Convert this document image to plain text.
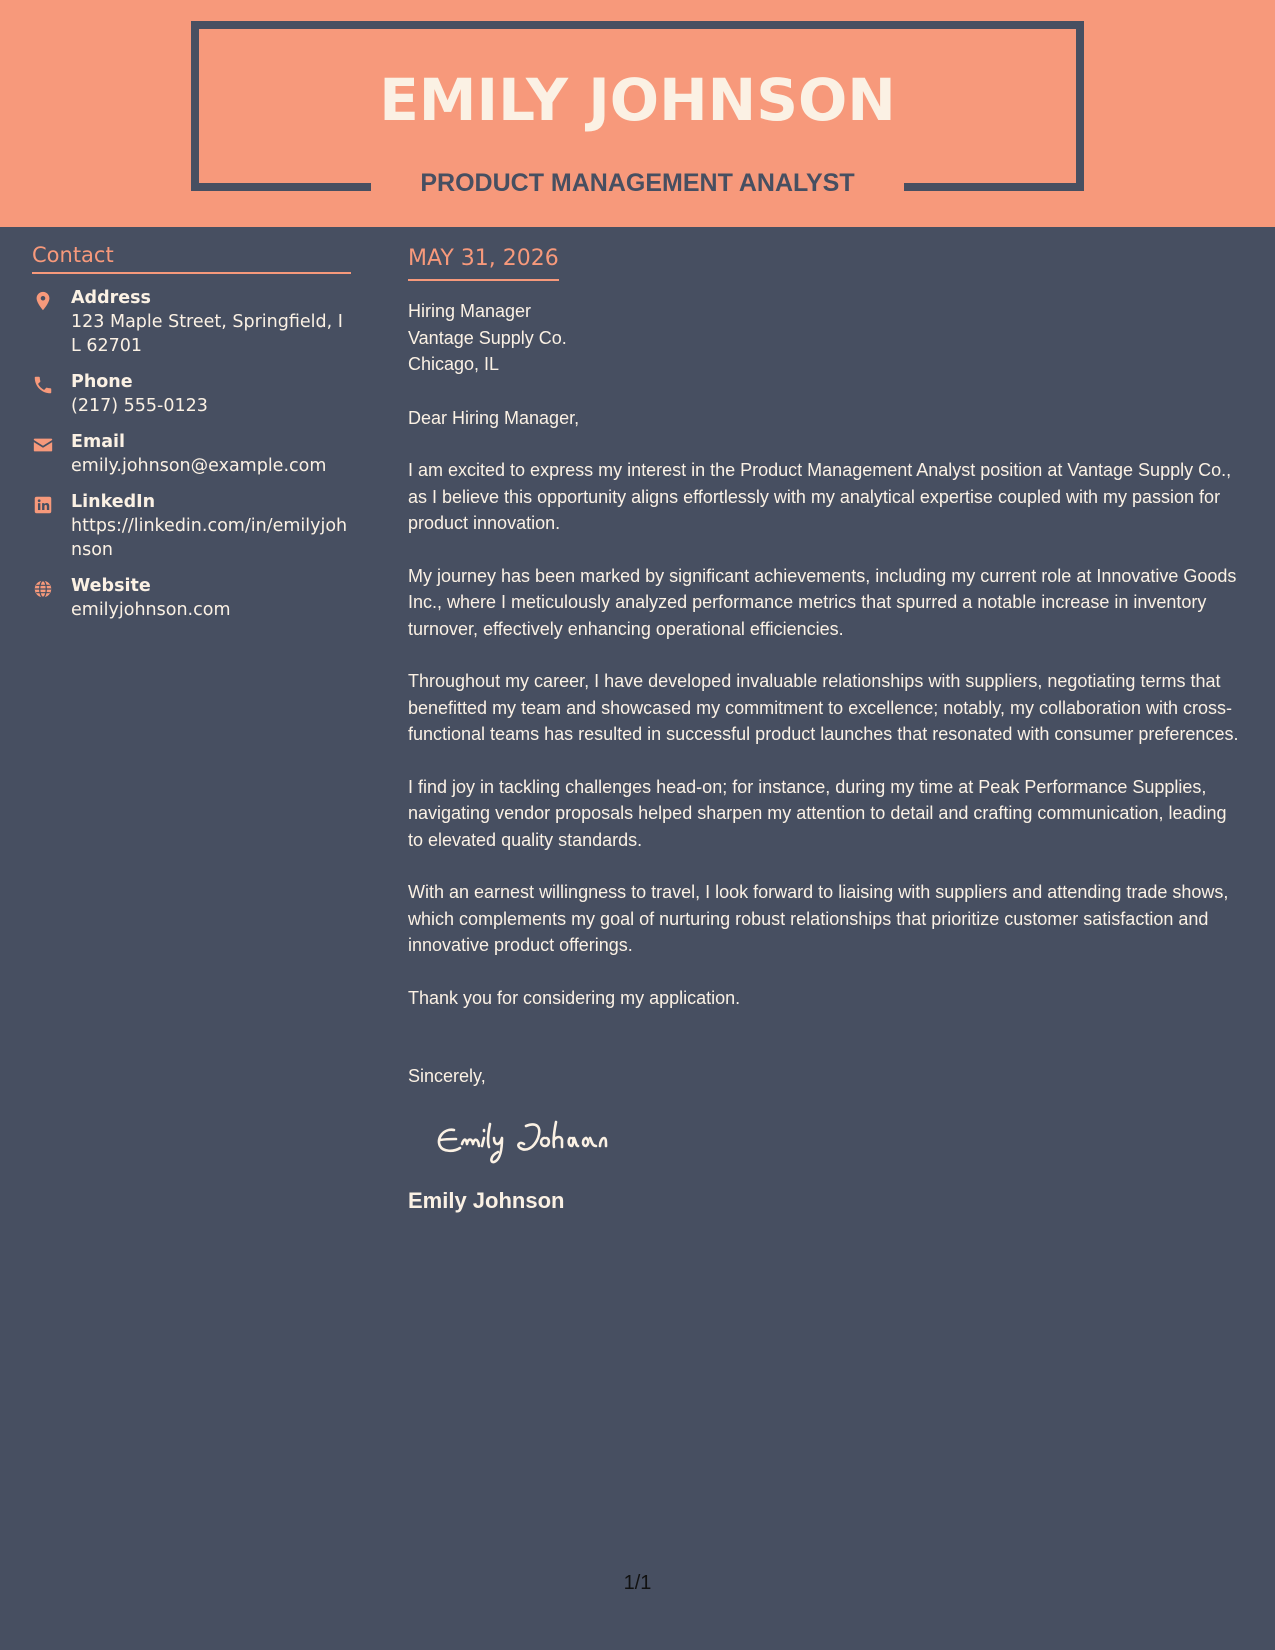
EMILY JOHNSON
PRODUCT MANAGEMENT ANALYST
Contact
Address
123 Maple Street, Springfield, IL 62701
Phone
(217) 555-0123
Email
emily.johnson@example.com
LinkedIn
https://linkedin.com/in/emilyjohnson
Website
emilyjohnson.com
MAY 31, 2026
Hiring Manager
Vantage Supply Co.
Chicago, IL
Dear Hiring Manager,
I am excited to express my interest in the Product Management Analyst position at Vantage Supply Co., as I believe this opportunity aligns effortlessly with my analytical expertise coupled with my passion for product innovation.
My journey has been marked by significant achievements, including my current role at Innovative Goods Inc., where I meticulously analyzed performance metrics that spurred a notable increase in inventory turnover, effectively enhancing operational efficiencies.
Throughout my career, I have developed invaluable relationships with suppliers, negotiating terms that benefitted my team and showcased my commitment to excellence; notably, my collaboration with cross-functional teams has resulted in successful product launches that resonated with consumer preferences.
I find joy in tackling challenges head-on; for instance, during my time at Peak Performance Supplies, navigating vendor proposals helped sharpen my attention to detail and crafting communication, leading to elevated quality standards.
With an earnest willingness to travel, I look forward to liaising with suppliers and attending trade shows, which complements my goal of nurturing robust relationships that prioritize customer satisfaction and innovative product offerings.
Thank you for considering my application.
Sincerely,
Emily Johnson
1/1
